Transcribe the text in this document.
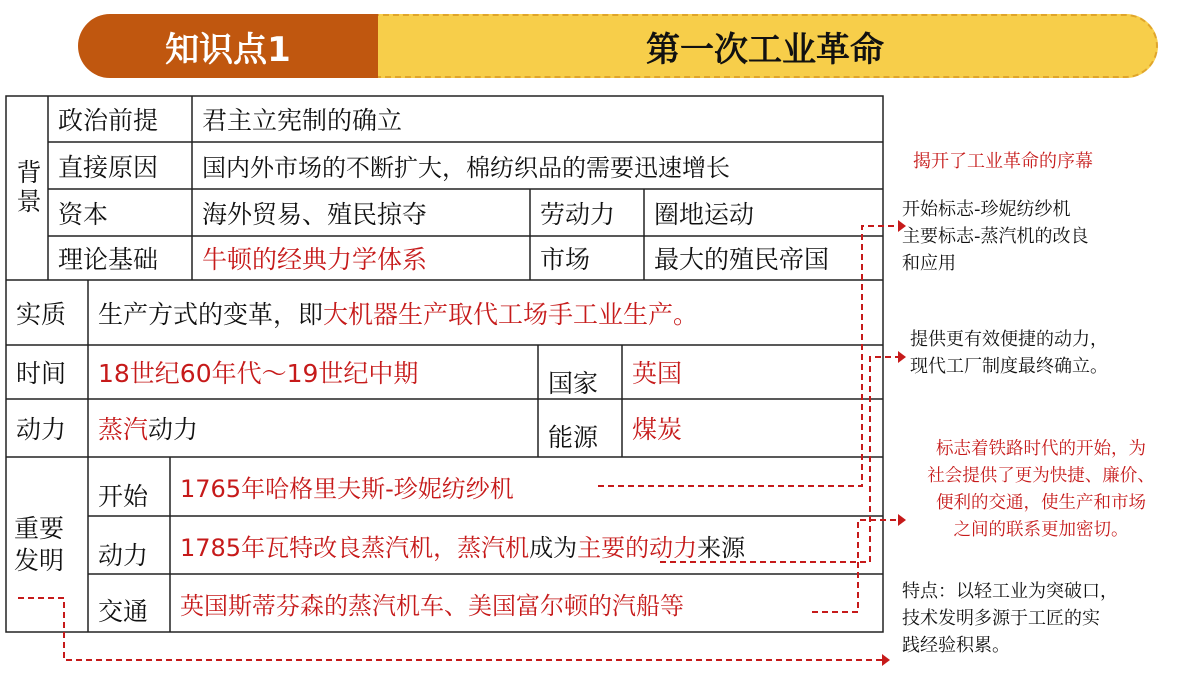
第一次工业革命
知识点1
背景
政治前提	君主立宪制的确立
直接原因	国内外市场的不断扩大，棉纺织品的需要迅速增长
资本	海外贸易、殖民掠夺	劳动力	圈地运动
理论基础	牛顿的经典力学体系	市场	最大的殖民帝国
实质	生产方式的变革，即 大机器生产取代工场手工业生产。
时间	18世纪60年代～19世纪中期	国家	英国
动力	蒸汽 动力	能源	煤炭
重要发明
开始	1765年哈格里夫斯-珍妮纺纱机
动力	1785年瓦特改良蒸汽机，蒸汽机 成为 主要的动力 来源
交通	英国斯蒂芬森的蒸汽机车、美国富尔顿的汽船等
揭开了工业革命的序幕
开始标志-珍妮纺纱机
主要标志-蒸汽机的改良
和应用
提供更有效便捷的动力，
现代工厂制度最终确立。
标志着铁路时代的开始，为
社会提供了更为快捷、廉价、
便利的交通，使生产和市场
之间的联系更加密切。
特点：以轻工业为突破口，
技术发明多源于工匠的实
践经验积累。
